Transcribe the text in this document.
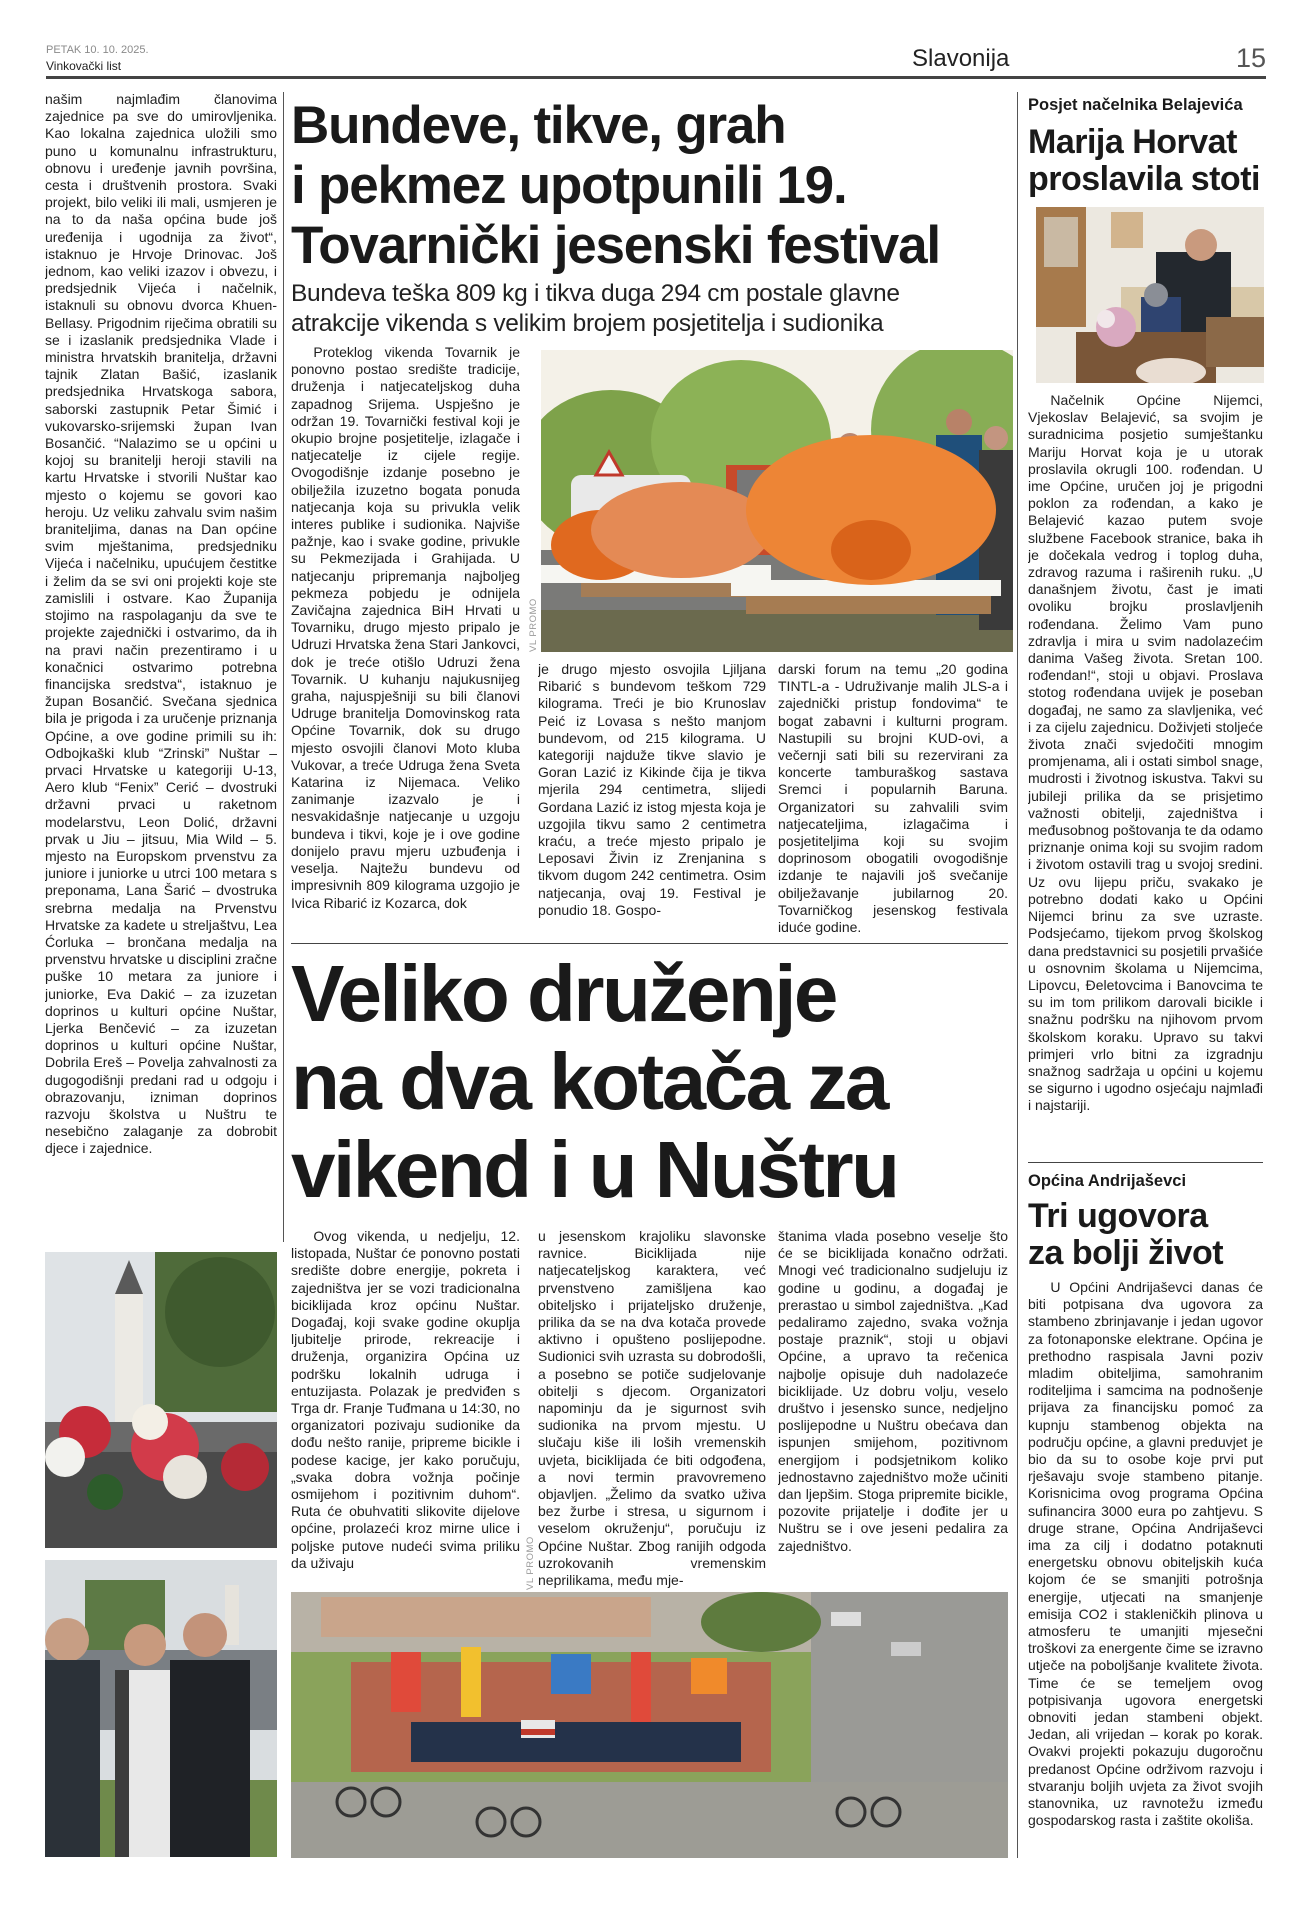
PETAK 10. 10. 2025.
Vinkovački list	Slavonija	15
našim najmlađim članovima zajednice pa sve do umirovljenika. Kao lokalna zajednica uložili smo puno u komunalnu infrastrukturu, obnovu i uređenje javnih površina, cesta i društvenih prostora. Svaki projekt, bilo veliki ili mali, usmjeren je na to da naša općina bude još uređenija i ugodnija za život“, istaknuo je Hrvoje Drinovac. Još jednom, kao veliki izazov i obvezu, i predsjednik Vijeća i načelnik, istaknuli su obnovu dvorca Khuen-Bellasy. Prigodnim riječima obratili su se i izaslanik predsjednika Vlade i ministra hrvatskih branitelja, državni tajnik Zlatan Bašić, izaslanik predsjednika Hrvatskoga sabora, saborski zastupnik Petar Šimić i vukovarsko-srijemski župan Ivan Bosančić. “Nalazimo se u općini u kojoj su branitelji heroji stavili na kartu Hrvatske i stvorili Nuštar kao mjesto o kojemu se govori kao heroju. Uz veliku zahvalu svim našim braniteljima, danas na Dan općine svim mještanima, predsjedniku Vijeća i načelniku, upućujem čestitke i želim da se svi oni projekti koje ste zamislili i ostvare. Kao Županija stojimo na raspolaganju da sve te projekte zajednički i ostvarimo, da ih na pravi način prezentiramo i u konačnici ostvarimo potrebna financijska sredstva“, istaknuo je župan Bosančić. Svečana sjednica bila je prigoda i za uručenje priznanja Općine, a ove godine primili su ih: Odbojkaški klub “Zrinski” Nuštar – prvaci Hrvatske u kategoriji U-13, Aero klub “Fenix” Cerić – dvostruki državni prvaci u raketnom modelarstvu, Leon Dolić, državni prvak u Jiu – jitsuu, Mia Wild – 5. mjesto na Europskom prvenstvu za juniore i juniorke u utrci 100 metara s preponama, Lana Šarić – dvostruka srebrna medalja na Prvenstvu Hrvatske za kadete u streljaštvu, Lea Ćorluka – brončana medalja na prvenstvu hrvatske u disciplini zračne puške 10 metara za juniore i juniorke, Eva Dakić – za izuzetan doprinos u kulturi općine Nuštar, Ljerka Benčević – za izuzetan doprinos u kulturi općine Nuštar, Dobrila Ereš – Povelja zahvalnosti za dugogodišnji predani rad u odgoju i obrazovanju, izniman doprinos razvoju školstva u Nuštru te nesebično zalaganje za dobrobit djece i zajednice.
Bundeve, tikve, grah
i pekmez upotpunili 19.
Tovarnički jesenski festival
Bundeva teška 809 kg i tikva duga 294 cm postale glavne
atrakcije vikenda s velikim brojem posjetitelja i sudionika
Proteklog vikenda Tovarnik je ponovno postao središte tradicije, druženja i natjecateljskog duha zapadnog Srijema. Uspješno je održan 19. Tovarnički festival koji je okupio brojne posjetitelje, izlagače i natjecatelje iz cijele regije. Ovogodišnje izdanje posebno je obilježila izuzetno bogata ponuda natjecanja koja su privukla velik interes publike i sudionika. Najviše pažnje, kao i svake godine, privukle su Pekmezijada i Grahijada. U natjecanju pripremanja najboljeg pekmeza pobjedu je odnijela Zavičajna zajednica BiH Hrvati u Tovarniku, drugo mjesto pripalo je Udruzi Hrvatska žena Stari Jankovci, dok je treće otišlo Udruzi žena Tovarnik. U kuhanju najukusnijeg graha, najuspješniji su bili članovi Udruge branitelja Domovinskog rata Općine Tovarnik, dok su drugo mjesto osvojili članovi Moto kluba Vukovar, a treće Udruga žena Sveta Katarina iz Nijemaca. Veliko zanimanje izazvalo je i nesvakidašnje natjecanje u uzgoju bundeva i tikvi, koje je i ove godine donijelo pravu mjeru uzbuđenja i veselja. Najtežu bundevu od impresivnih 809 kilograma uzgojio je Ivica Ribarić iz Kozarca, dok
VL PROMO
je drugo mjesto osvojila Ljiljana Ribarić s bundevom teškom 729 kilograma. Treći je bio Krunoslav Peić iz Lovasa s nešto manjom bundevom, od 215 kilograma. U kategoriji najduže tikve slavio je Goran Lazić iz Kikinde čija je tikva mjerila 294 centimetra, slijedi Gordana Lazić iz istog mjesta koja je uzgojila tikvu samo 2 centimetra kraću, a treće mjesto pripalo je Leposavi Živin iz Zrenjanina s tikvom dugom 242 centimetra. Osim natjecanja, ovaj 19. Festival je ponudio 18. Gospo-
darski forum na temu „20 godina TINTL-a - Udruživanje malih JLS-a i zajednički pristup fondovima“ te bogat zabavni i kulturni program. Nastupili su brojni KUD-ovi, a večernji sati bili su rezervirani za koncerte tamburaškog sastava Sremci i popularnih Baruna. Organizatori su zahvalili svim natjecateljima, izlagačima i posjetiteljima koji su svojim doprinosom obogatili ovogodišnje izdanje te najavili još svečanije obilježavanje jubilarnog 20. Tovarničkog jesenskog festivala iduće godine.
Veliko druženje
na dva kotača za
vikend i u Nuštru
Ovog vikenda, u nedjelju, 12. listopada, Nuštar će ponovno postati središte dobre energije, pokreta i zajedništva jer se vozi tradicionalna biciklijada kroz općinu Nuštar. Događaj, koji svake godine okuplja ljubitelje prirode, rekreacije i druženja, organizira Općina uz podršku lokalnih udruga i entuzijasta. Polazak je predviđen s Trga dr. Franje Tuđmana u 14:30, no organizatori pozivaju sudionike da dođu nešto ranije, pripreme bicikle i podese kacige, jer kako poručuju, „svaka dobra vožnja počinje osmijehom i pozitivnim duhom“. Ruta će obuhvatiti slikovite dijelove općine, prolazeći kroz mirne ulice i poljske putove nudeći svima priliku da uživaju
u jesenskom krajoliku slavonske ravnice. Biciklijada nije natjecateljskog karaktera, već prvenstveno zamišljena kao obiteljsko i prijateljsko druženje, prilika da se na dva kotača provede aktivno i opušteno poslijepodne. Sudionici svih uzrasta su dobrodošli, a posebno se potiče sudjelovanje obitelji s djecom. Organizatori napominju da je sigurnost svih sudionika na prvom mjestu. U slučaju kiše ili loših vremenskih uvjeta, biciklijada će biti odgođena, a novi termin pravovremeno objavljen. „Želimo da svatko uživa bez žurbe i stresa, u sigurnom i veselom okruženju“, poručuju iz Općine Nuštar. Zbog ranijih odgoda uzrokovanih vremenskim neprilikama, među mje-
VL PROMO
štanima vlada posebno veselje što će se biciklijada konačno održati. Mnogi već tradicionalno sudjeluju iz godine u godinu, a događaj je prerastao u simbol zajedništva. „Kad pedaliramo zajedno, svaka vožnja postaje praznik“, stoji u objavi Općine, a upravo ta rečenica najbolje opisuje duh nadolazeće biciklijade. Uz dobru volju, veselo društvo i jesensko sunce, nedjeljno poslijepodne u Nuštru obećava dan ispunjen smijehom, pozitivnom energijom i podsjetnikom koliko jednostavno zajedništvo može učiniti dan ljepšim. Stoga pripremite bicikle, pozovite prijatelje i dođite jer u Nuštru se i ove jeseni pedalira za zajedništvo.
Posjet načelnika Belajevića
Marija Horvat
proslavila stoti
Načelnik Općine Nijemci, Vjekoslav Belajević, sa svojim je suradnicima posjetio sumještanku Mariju Horvat koja je u utorak proslavila okrugli 100. rođendan. U ime Općine, uručen joj je prigodni poklon za rođendan, a kako je Belajević kazao putem svoje službene Facebook stranice, baka ih je dočekala vedrog i toplog duha, zdravog razuma i raširenih ruku. „U današnjem životu, čast je imati ovoliku brojku proslavljenih rođendana. Želimo Vam puno zdravlja i mira u svim nadolazećim danima Vašeg života. Sretan 100. rođendan!“, stoji u objavi. Proslava stotog rođendana uvijek je poseban događaj, ne samo za slavljenika, već i za cijelu zajednicu. Doživjeti stoljeće života znači svjedočiti mnogim promjenama, ali i ostati simbol snage, mudrosti i životnog iskustva. Takvi su jubileji prilika da se prisjetimo važnosti obitelji, zajedništva i međusobnog poštovanja te da odamo priznanje onima koji su svojim radom i životom ostavili trag u svojoj sredini. Uz ovu lijepu priču, svakako je potrebno dodati kako u Općini Nijemci brinu za sve uzraste. Podsjećamo, tijekom prvog školskog dana predstavnici su posjetili prvašiće u osnovnim školama u Nijemcima, Lipovcu, Đeletovcima i Banovcima te su im tom prilikom darovali bicikle i snažnu podršku na njihovom prvom školskom koraku. Upravo su takvi primjeri vrlo bitni za izgradnju snažnog sadržaja u općini u kojemu se sigurno i ugodno osjećaju najmlađi i najstariji.
Općina Andrijaševci
Tri ugovora
za bolji život
U Općini Andrijaševci danas će biti potpisana dva ugovora za stambeno zbrinjavanje i jedan ugovor za fotonaponske elektrane. Općina je prethodno raspisala Javni poziv mladim obiteljima, samohranim roditeljima i samcima na podnošenje prijava za financijsku pomoć za kupnju stambenog objekta na području općine, a glavni preduvjet je bio da su to osobe koje prvi put rješavaju svoje stambeno pitanje. Korisnicima ovog programa Općina sufinancira 3000 eura po zahtjevu. S druge strane, Općina Andrijaševci ima za cilj i dodatno potaknuti energetsku obnovu obiteljskih kuća kojom će se smanjiti potrošnja energije, utjecati na smanjenje emisija CO2 i stakleničkih plinova u atmosferu te umanjiti mjesečni troškovi za energente čime se izravno utječe na poboljšanje kvalitete života. Time će se temeljem ovog potpisivanja ugovora energetski obnoviti jedan stambeni objekt. Jedan, ali vrijedan – korak po korak. Ovakvi projekti pokazuju dugoročnu predanost Općine održivom razvoju i stvaranju boljih uvjeta za život svojih stanovnika, uz ravnotežu između gospodarskog rasta i zaštite okoliša.
